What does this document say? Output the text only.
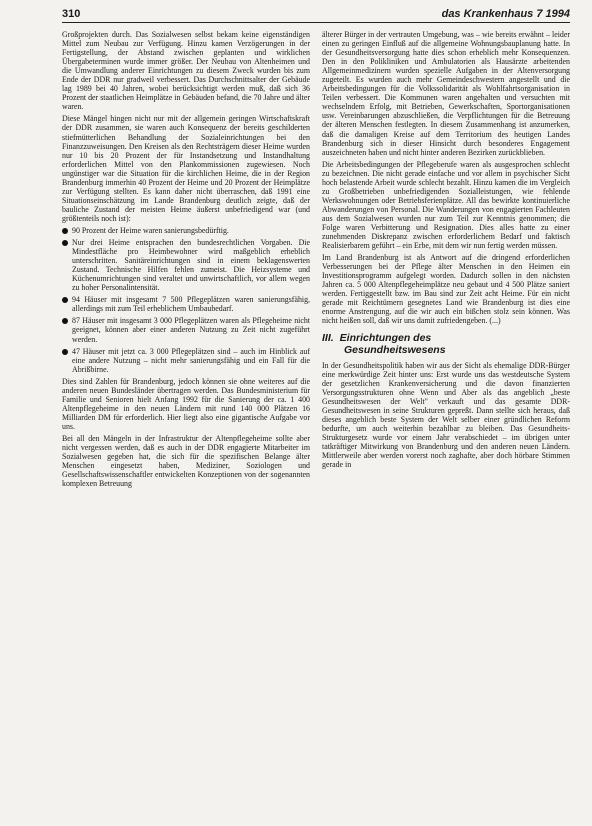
310	das Krankenhaus 7 1994

Großprojekten durch. Das Sozialwesen selbst bekam keine eigenständigen Mittel zum Neubau zur Verfügung. Hinzu kamen Verzögerungen in der Fertigstellung, der Abstand zwischen geplanten und wirklichen Übergabeterminen wurde immer größer. Der Neubau von Altenheimen und die Umwandlung anderer Einrichtungen zu diesem Zweck wurden bis zum Ende der DDR nur gradweil verbessert. Das Durchschnittsalter der Gebäude lag 1989 bei 40 Jahren, wobei berücksichtigt werden muß, daß sich 36 Prozent der staatlichen Heimplätze in Gebäuden befand, die 70 Jahre und älter waren.

Diese Mängel hingen nicht nur mit der allgemein geringen Wirtschaftskraft der DDR zusammen, sie waren auch Konsequenz der bereits geschilderten stiefmütterlichen Behandlung der Sozialeinrichtungen bei den Finanzzuweisungen. Den Kreisen als den Rechtsträgern dieser Heime wurden nur 10 bis 20 Prozent der für Instandsetzung und Instandhaltung erforderlichen Mittel von den Plankommissionen zugewiesen. Noch ungünstiger war die Situation für die kirchlichen Heime, die in der Region Brandenburg immerhin 40 Prozent der Heime und 20 Prozent der Heimplätze zur Verfügung stellten. Es kann daher nicht überraschen, daß 1991 eine Situationseinschätzung im Lande Brandenburg deutlich zeigte, daß der bauliche Zustand der meisten Heime äußerst unbefriedigend war (und größtenteils noch ist):

90 Prozent der Heime waren sanierungsbedürftig.
Nur drei Heime entsprachen den bundesrechtlichen Vorgaben. Die Mindestfläche pro Heimbewohner wird maßgeblich erheblich unterschritten. Sanitäreinrichtungen sind in einem beklagenswerten Zustand. Technische Hilfen fehlen zumeist. Die Heizsysteme und Küchenumrichtungen sind veraltet und unwirtschaftlich, vor allem wegen zu hoher Personalintensität.
94 Häuser mit insgesamt 7 500 Pflegeplätzen waren sanierungsfähig, allerdings mit zum Teil erheblichem Umbaubedarf.
87 Häuser mit insgesamt 3 000 Pflegeplätzen waren als Pflegeheime nicht geeignet, können aber einer anderen Nutzung zu Zeit nicht zugeführt werden.
47 Häuser mit jetzt ca. 3 000 Pflegeplätzen sind – auch im Hinblick auf eine andere Nutzung – nicht mehr sanierungsfähig und ein Fall für die Abrißbirne.

Dies sind Zahlen für Brandenburg, jedoch können sie ohne weiteres auf die anderen neuen Bundesländer übertragen werden. Das Bundesministerium für Familie und Senioren hielt Anfang 1992 für die Sanierung der ca. 1 400 Altenpflegeheime in den neuen Ländern mit rund 140 000 Plätzen 16 Milliarden DM für erforderlich. Hier liegt also eine gigantische Aufgabe vor uns.

Bei all den Mängeln in der Infrastruktur der Altenpflegeheime sollte aber nicht vergessen werden, daß es auch in der DDR engagierte Mitarbeiter im Sozialwesen gegeben hat, die sich für die spezifischen Belange älter Menschen eingesetzt haben, Mediziner, Soziologen und Gesellschaftswissenschaftler entwickelten Konzeptionen von der sogenannten komplexen Betreuung

älterer Bürger in der vertrauten Umgebung, was – wie bereits erwähnt – leider einen zu geringen Einfluß auf die allgemeine Wohnungsbauplanung hatte. In der Gesundheitsversorgung hatte dies schon erheblich mehr Konsequenzen. Den in den Polikliniken und Ambulatorien als Hausärzte arbeitenden Allgemeinmedizinern wurden spezielle Aufgaben in der Altenversorgung zugeteilt. Es wurden auch mehr Gemeindeschwestern angestellt und die Arbeitsbedingungen für die Volkssolidarität als Wohlfahrtsorganisation in Teilen verbessert. Die Kommunen waren angehalten und versuchten mit wechselndem Erfolg, mit Betrieben, Gewerkschaften, Sportorganisationen usw. Vereinbarungen abzuschließen, die Verpflichtungen für die Betreuung der älteren Menschen festlegten. In diesem Zusammenhang ist anzumerken, daß die damaligen Kreise auf dem Territorium des heutigen Landes Brandenburg sich in dieser Hinsicht durch besonderes Engagement auszeichneten haben und nicht hinter anderen Bezirken zurückblieben.

Die Arbeitsbedingungen der Pflegeberufe waren als ausgesprochen schlecht zu bezeichnen. Die nicht gerade einfache und vor allem in psychischer Sicht hoch belastende Arbeit wurde schlecht bezahlt. Hinzu kamen die im Vergleich zu Großbetrieben unbefriedigenden Sozialleistungen, wie fehlende Werkswohnungen oder Betriebsferienplätze. All das bewirkte kontinuierliche Abwanderungen von Personal. Die Wanderungen von engagierten Fachleuten aus dem Sozialwesen wurden nur zum Teil zur Kenntnis genommen; die Folge waren Verbitterung und Resignation. Dies alles hatte zu einer zunehmenden Diskrepanz zwischen erforderlichem Bedarf und faktisch Realisierbarem geführt – ein Erbe, mit dem wir nun fertig werden müssen.

Im Land Brandenburg ist als Antwort auf die dringend erforderlichen Verbesserungen bei der Pflege älter Menschen in den Heimen ein Investitionsprogramm aufgelegt worden. Dadurch sollen in den nächsten Jahren ca. 5 000 Altenpflegeheimplätze neu gebaut und 4 500 Plätze saniert werden. Fertiggestellt bzw. im Bau sind zur Zeit acht Heime. Für ein nicht gerade mit Reichtümern gesegnetes Land wie Brandenburg ist dies eine enorme Anstrengung, auf die wir auch ein bißchen stolz sein können. Was nicht heißen soll, daß wir uns damit zufriedengeben. (...)

III. Einrichtungen des
Gesundheitswesens

In der Gesundheitspolitik haben wir aus der Sicht als ehemalige DDR-Bürger eine merkwürdige Zeit hinter uns: Erst wurde uns das westdeutsche System der gesetzlichen Krankenversicherung und die davon finanzierten Versorgungsstrukturen ohne Wenn und Aber als das angeblich „beste Gesundheitswesen der Welt" verkauft und das gesamte DDR-Gesundheitswesen in seine Strukturen gepreßt. Dann stellte sich heraus, daß dieses angeblich beste System der Welt selber einer gründlichen Reform bedurfte, um auch weiterhin bezahlbar zu bleiben. Das Gesundheits-Strukturgesetz wurde vor einem Jahr verabschiedet – im übrigen unter tatkräftiger Mitwirkung von Brandenburg und den anderen neuen Ländern. Mittlerweile aber werden vorerst noch zaghafte, aber doch hörbare Stimmen gerade in
